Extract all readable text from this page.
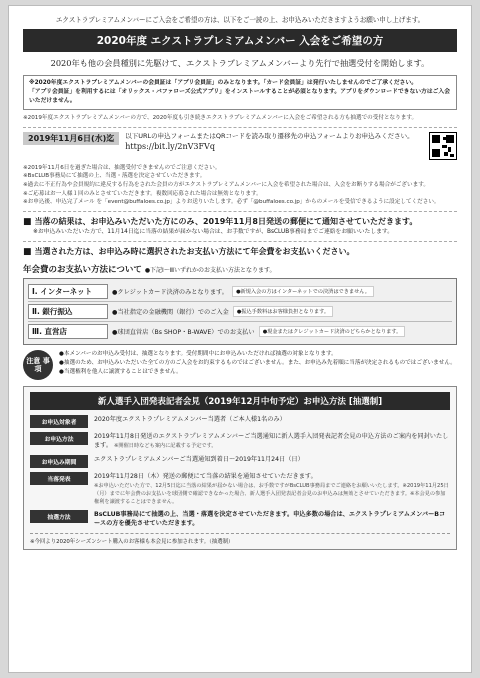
エクストラプレミアムメンバーにご入会をご希望の方は、以下をご一読の上、お申込みいただきますようお願い申し上げます。
2020年度 エクストラプレミアムメンバー 入会をご希望の方
2020年も他の会員種別に先駆けて、エクストラプレミアムメンバーより先行で抽選受付を開始します。
※2020年度エクストラプレミアムメンバーの会員証は「アプリ会員証」のみとなります。「カード会員証」は発行いたしませんのでご了承ください。
「アプリ会員証」を利用するには「オリックス・バファローズ公式アプリ」をインストールすることが必須となります。アプリをダウンロードできない方はご入会いただけません。
※2019年度エクストラプレミアムメンバーの方で、2020年度も引き続きエクストラプレミアムメンバーに入会をご希望される方も抽選での受付となります。
2019年11月6日(水)迄	以下URLの申込フォームまたはQRコードを読み取り遷移先の申込フォームよりお申込みください。
https://bit.ly/2nV3FVq
※2019年11月6日を過ぎた場合は、抽選受付できませんのでご注意ください。
※BsCLUB事務局にて抽選の上、当選・落選を決定させていただきます。
※過去に不正行為や会員規約に違反する行為をされた会員の方がエクストラプレミアムメンバーに入会を希望された場合は、入会をお断りする場合がございます。
※ご応募はお一人様１回のみとさせていただきます。複数回応募された場合は無効となります。
※お申込後、申込完了メール を「event@buffaloes.co.jp」よりお送りいたします。必ず「@buffaloes.co.jp」からのメールを受信できるように設定してください。
■ 当落の結果は、お申込みいただいた方にのみ、2019年11月8日発送の郵便にて通知させていただきます。
※お申込みいただいた方で、11月14日迄に当落の結果が届かない場合は、お手数ですが、BsCLUB事務局までご連絡をお願いいたします。
■ 当選された方は、お申込み時に選択されたお支払い方法にて年会費をお支払いください。
年会費のお支払い方法について ●下記Ⅰ～Ⅲいずれかのお支払い方法となります。
Ⅰ. インターネット	●クレジットカード決済のみとなります。	●新規入会の方はインターネットでの決済はできません。
Ⅱ. 銀行振込	●当社指定の金融機関（銀行）でのご入金	●振込手数料はお客様負担となります。
Ⅲ. 直営店	●球団直営店（Bs SHOP・B-WAVE）でのお支払い	●現金またはクレジットカード決済のどちらかとなります。
注意 事項
●本メンバーのお申込み受付は、抽選となります。受付期間中にお申込みいただければ抽選の対象となります。
●抽選のため、お申込みいただいた全ての方のご入会をお約束するものではございません。また、お申込み先着順に当落が決定されるものではございません。
●当選権利を他人に譲渡することはできません。
新人選手入団発表記者会見（2019年12月中旬予定）お申込方法 [抽選制]
お申込対象者	2020年度エクストラプレミアムメンバー当選者（ご本人様1名のみ）
お申込方法	2019年11月8日発送のエクストラプレミアムメンバーご当選通知に新人選手入団発表記者会見の申込方法のご案内を同封いたします。 ※開催日時なども案内に記載する予定です。
お申込み期間	エクストラプレミアムメンバーご当選通知到着日～2019年11月24日（日）
当落発表	2019年11月28日（木）発送の郵便にて当落の結果を通知させていただきます。
※お申込いただいた方で、12月5日迄に当落の結果が届かない場合は、お手数ですがBsCLUB事務局までご連絡をお願いいたします。※2019年11月25日（月）までに年会費のお支払いを球団側で確認できなかった場合、新人選手入団発表記者会見のお申込みは無効とさせていただきます。※本会見の参加権利を譲渡することはできません。
抽選方法	BsCLUB事務局にて抽選の上、当選・落選を決定させていただきます。申込多数の場合は、エクストラプレミアムメンバーBコースの方を優先させていただきます。
※今回より2020年シーズンシート購入のお客様も本会見に参加されます。（抽選制）
